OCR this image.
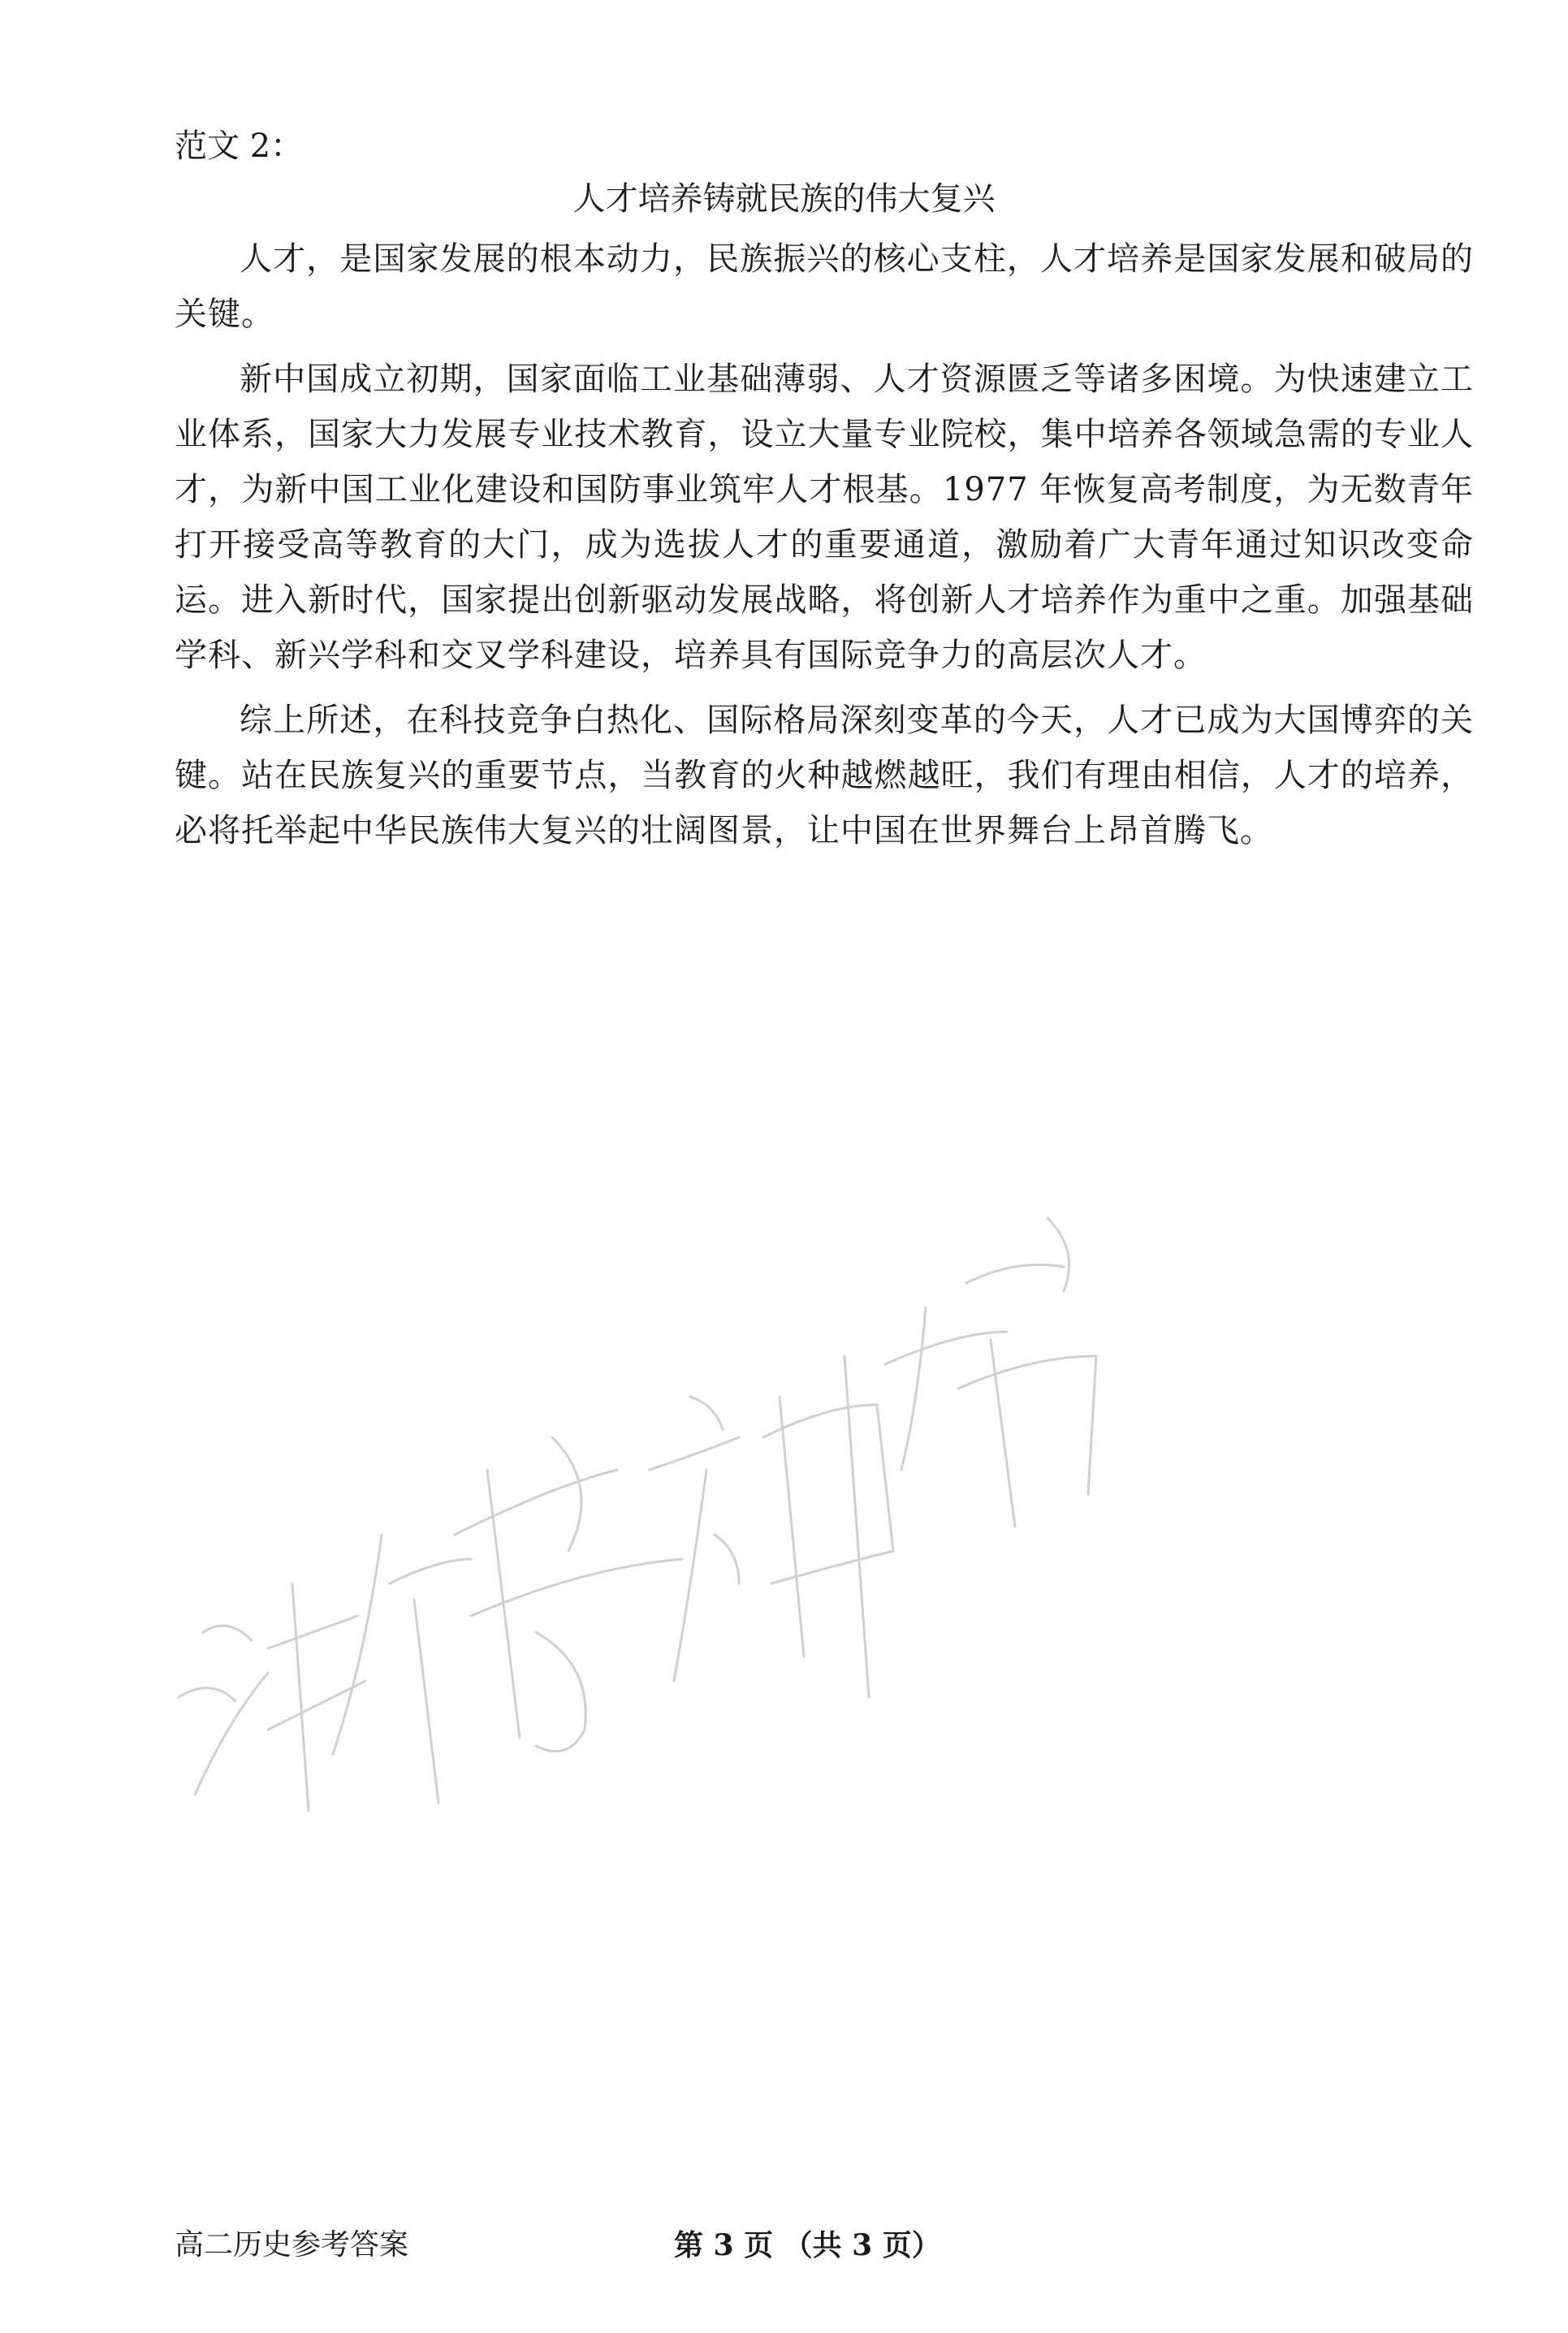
范文 2：

人才培养铸就民族的伟大复兴

人才，是国家发展的根本动力，民族振兴的核心支柱，人才培养是国家发展和破局的关键。

新中国成立初期，国家面临工业基础薄弱、人才资源匮乏等诸多困境。为快速建立工业体系，国家大力发展专业技术教育，设立大量专业院校，集中培养各领域急需的专业人才，为新中国工业化建设和国防事业筑牢人才根基。1977 年恢复高考制度，为无数青年打开接受高等教育的大门，成为选拔人才的重要通道，激励着广大青年通过知识改变命运。进入新时代，国家提出创新驱动发展战略，将创新人才培养作为重中之重。加强基础学科、新兴学科和交叉学科建设，培养具有国际竞争力的高层次人才。

综上所述，在科技竞争白热化、国际格局深刻变革的今天，人才已成为大国博弈的关键。站在民族复兴的重要节点，当教育的火种越燃越旺，我们有理由相信，人才的培养，必将托举起中华民族伟大复兴的壮阔图景，让中国在世界舞台上昂首腾飞。

高二历史参考答案	第 3 页 （共 3 页）
